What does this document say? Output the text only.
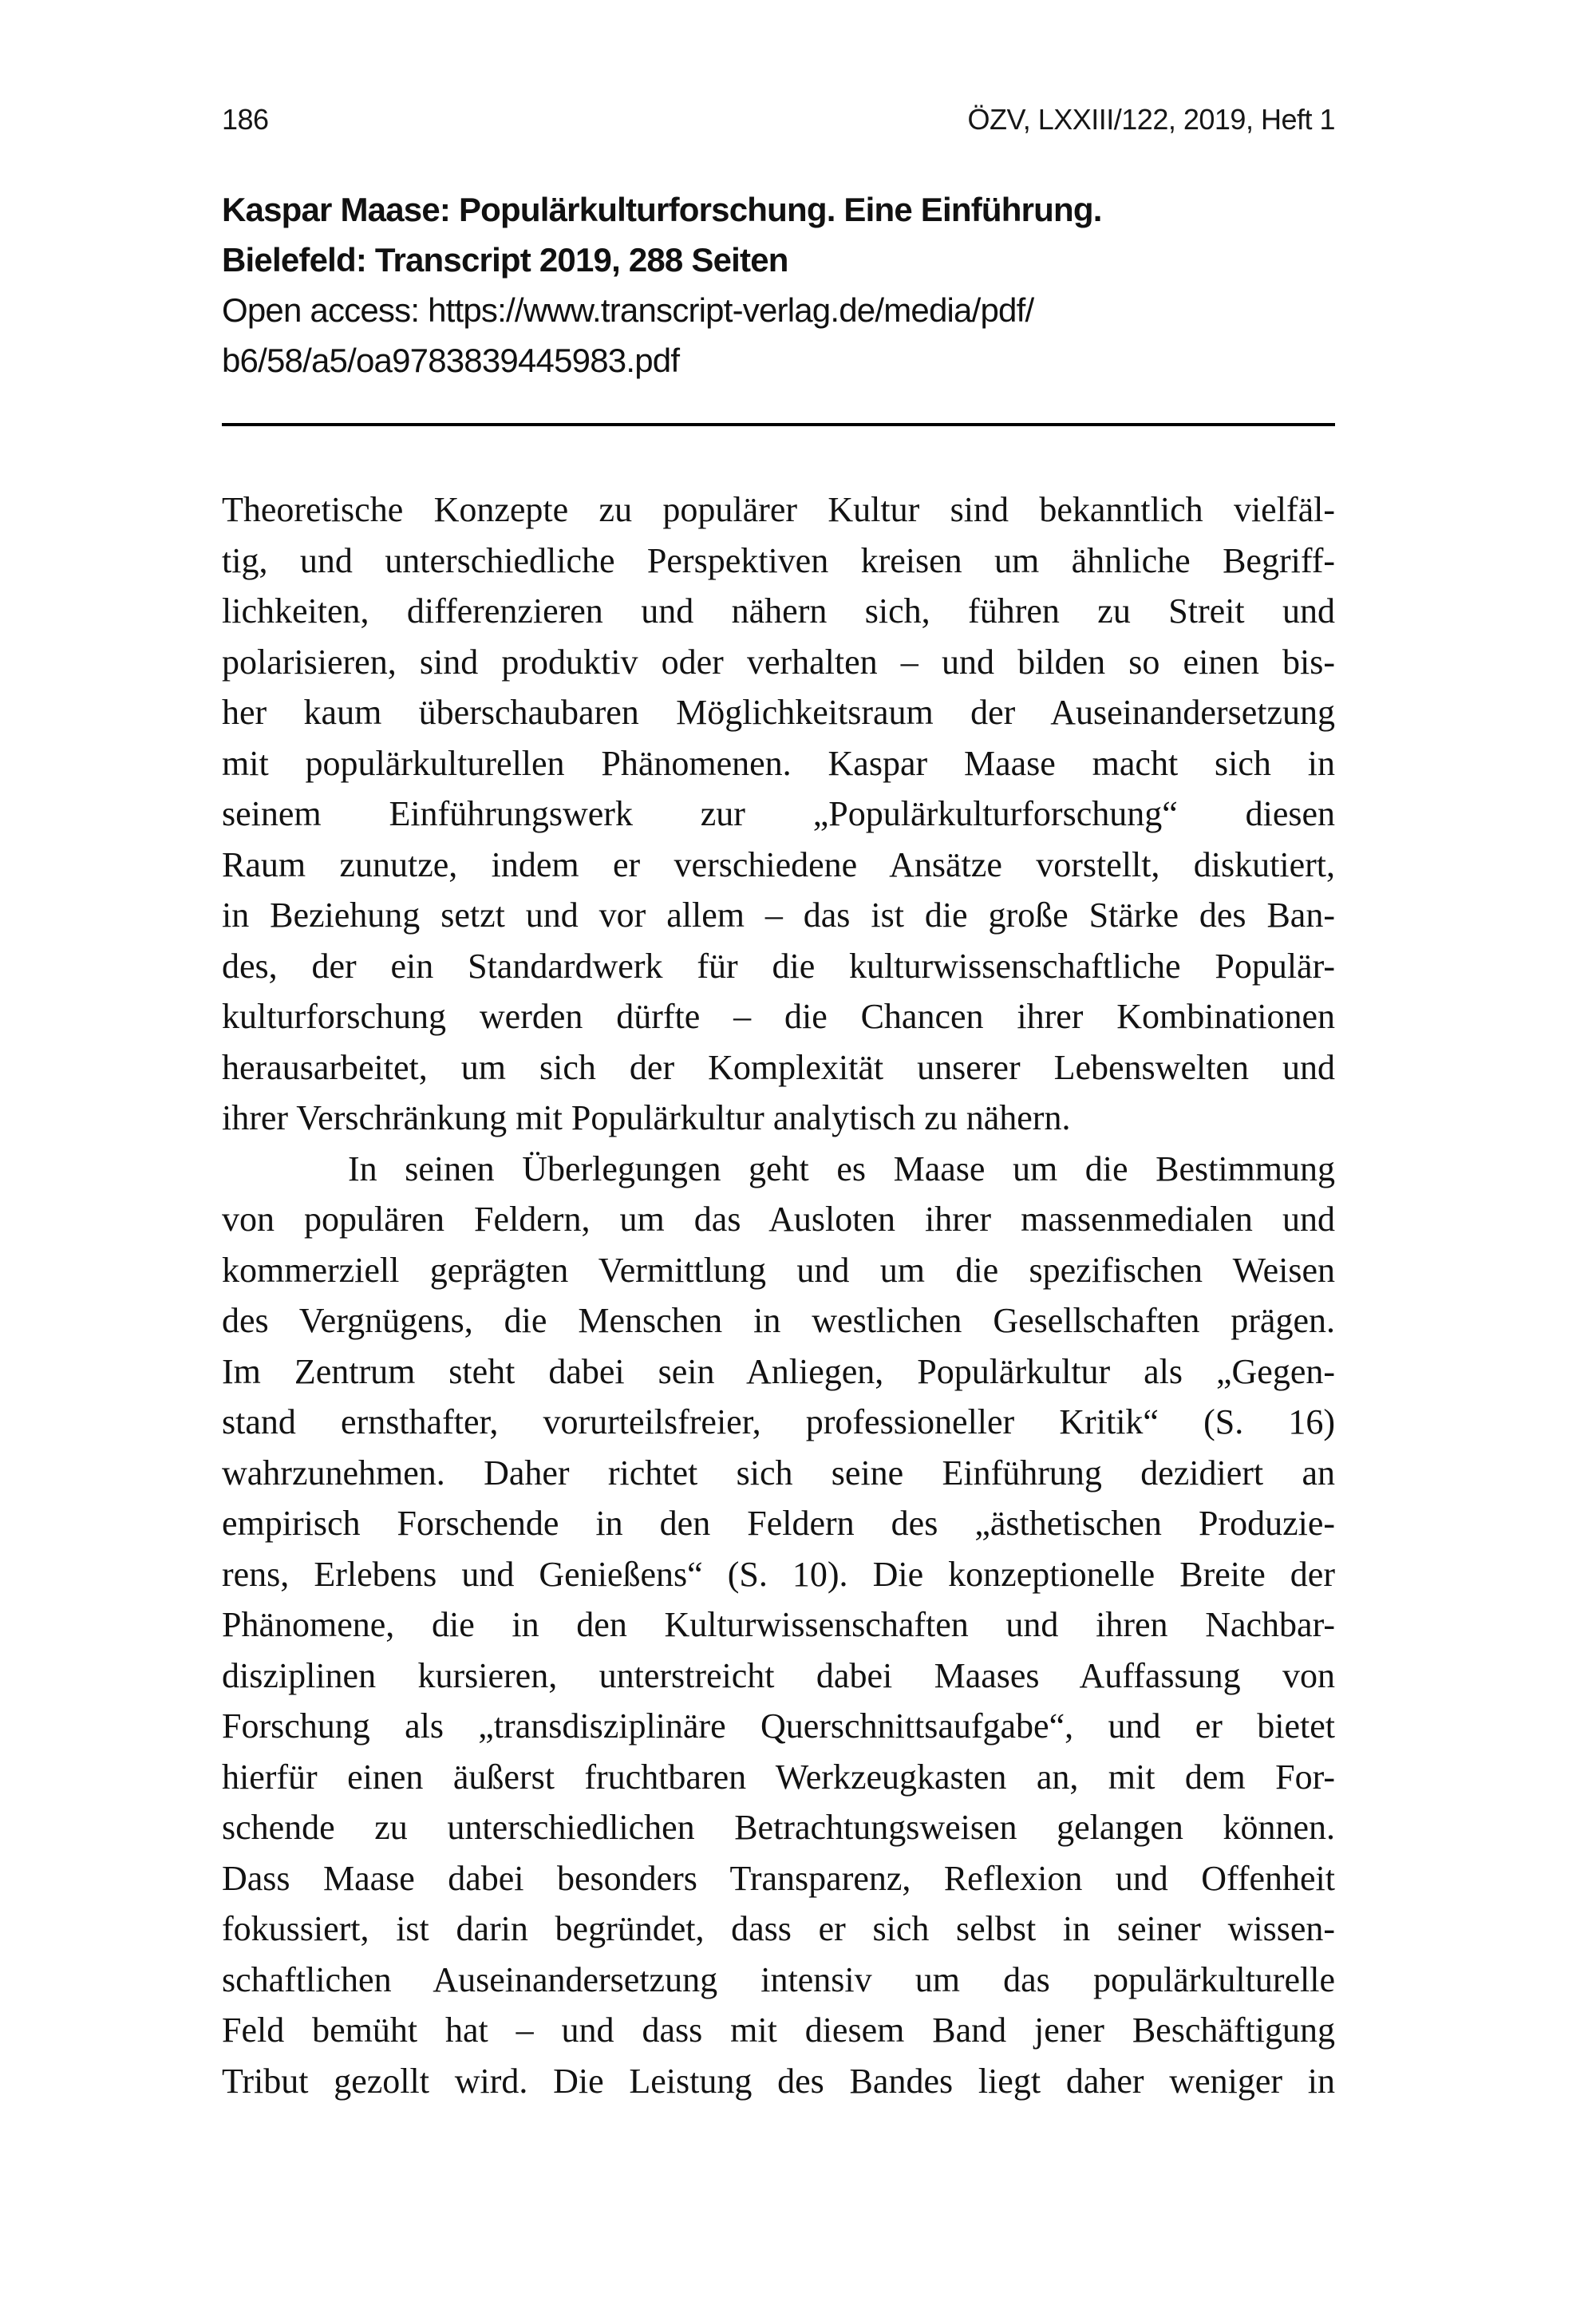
186	ÖZV, LXXIII/122, 2019, Heft 1
Kaspar Maase: Populärkulturforschung. Eine Einführung.
Bielefeld: Transcript 2019, 288 Seiten
Open access: https://www.transcript-verlag.de/media/pdf/
b6/58/a5/oa9783839445983.pdf
Theoretische Konzepte zu populärer Kultur sind bekanntlich vielfäl-
tig, und unterschiedliche Perspektiven kreisen um ähnliche Begriff-
lichkeiten, differenzieren und nähern sich, führen zu Streit und
polarisieren, sind produktiv oder verhalten – und bilden so einen bis-
her kaum überschaubaren Möglichkeitsraum der Auseinandersetzung
mit populärkulturellen Phänomenen. Kaspar Maase macht sich in
seinem Einführungswerk zur „Populärkulturforschung“ diesen
Raum zunutze, indem er verschiedene Ansätze vorstellt, diskutiert,
in Beziehung setzt und vor allem – das ist die große Stärke des Ban-
des, der ein Standardwerk für die kulturwissenschaftliche Populär-
kulturforschung werden dürfte – die Chancen ihrer Kombinationen
herausarbeitet, um sich der Komplexität unserer Lebenswelten und
ihrer Verschränkung mit Populärkultur analytisch zu nähern.
In seinen Überlegungen geht es Maase um die Bestimmung
von populären Feldern, um das Ausloten ihrer massenmedialen und
kommerziell geprägten Vermittlung und um die spezifischen Weisen
des Vergnügens, die Menschen in westlichen Gesellschaften prägen.
Im Zentrum steht dabei sein Anliegen, Populärkultur als „Gegen-
stand ernsthafter, vorurteilsfreier, professioneller Kritik“ (S. 16)
wahrzunehmen. Daher richtet sich seine Einführung dezidiert an
empirisch Forschende in den Feldern des „ästhetischen Produzie-
rens, Erlebens und Genießens“ (S. 10). Die konzeptionelle Breite der
Phänomene, die in den Kulturwissenschaften und ihren Nachbar-
disziplinen kursieren, unterstreicht dabei Maases Auffassung von
Forschung als „transdisziplinäre Querschnittsaufgabe“, und er bietet
hierfür einen äußerst fruchtbaren Werkzeugkasten an, mit dem For-
schende zu unterschiedlichen Betrachtungsweisen gelangen können.
Dass Maase dabei besonders Transparenz, Reflexion und Offenheit
fokussiert, ist darin begründet, dass er sich selbst in seiner wissen-
schaftlichen Auseinandersetzung intensiv um das populärkulturelle
Feld bemüht hat – und dass mit diesem Band jener Beschäftigung
Tribut gezollt wird. Die Leistung des Bandes liegt daher weniger in
